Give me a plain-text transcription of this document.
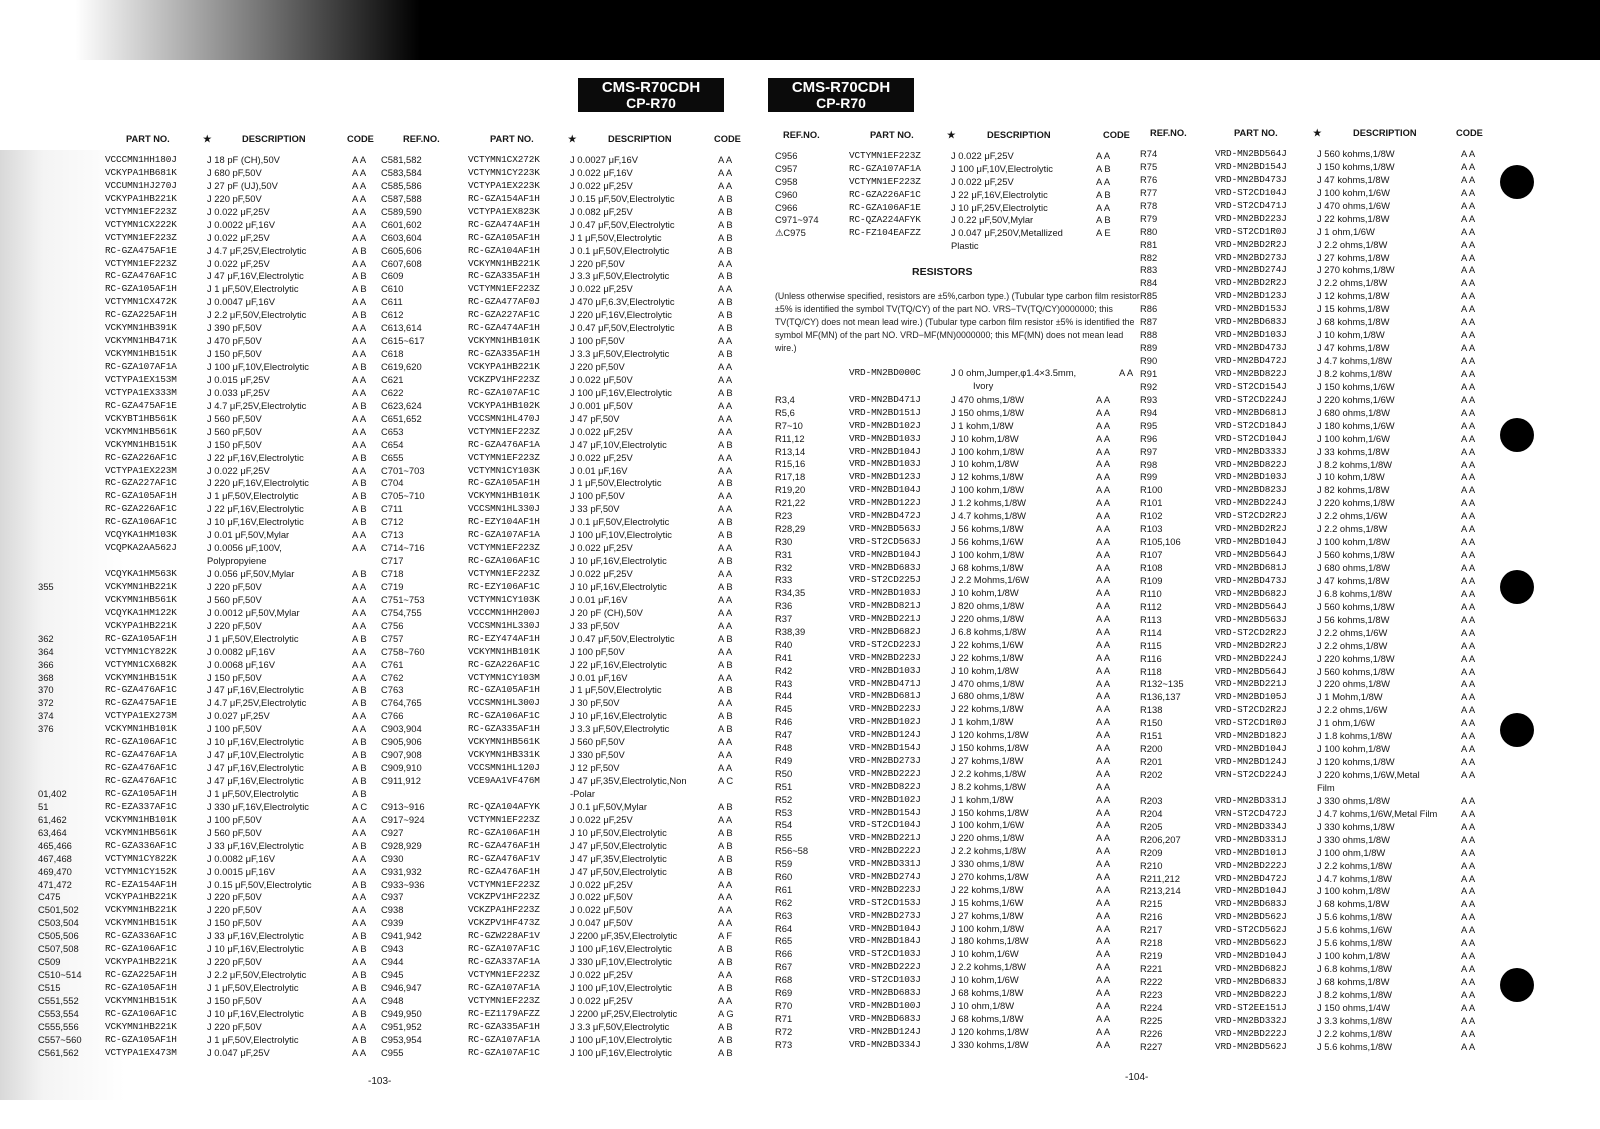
CMS-R70CDH
CP-R70
CMS-R70CDH
CP-R70
PART NO.	★	DESCRIPTION	CODE
VCCCMN1HH180J	J 18 pF (CH),50V	A A
VCKYPA1HB681K	J 680 pF,50V	A A
VCCUMN1HJ270J	J 27 pF (UJ),50V	A A
VCKYPA1HB221K	J 220 pF,50V	A A
VCTYMN1EF223Z	J 0.022 μF,25V	A A
VCTYMN1CX222K	J 0.0022 μF,16V	A A
VCTYMN1EF223Z	J 0.022 μF,25V	A A
RC-GZA475AF1E	J 4.7 μF,25V,Electrolytic	A B
VCTYMN1EF223Z	J 0.022 μF,25V	A A
RC-GZA476AF1C	J 47 μF,16V,Electrolytic	A B
RC-GZA105AF1H	J 1 μF,50V,Electrolytic	A B
VCTYMN1CX472K	J 0.0047 μF,16V	A A
RC-GZA225AF1H	J 2.2 μF,50V,Electrolytic	A B
VCKYMN1HB391K	J 390 pF,50V	A A
VCKYMN1HB471K	J 470 pF,50V	A A
VCKYMN1HB151K	J 150 pF,50V	A A
RC-GZA107AF1A	J 100 μF,10V,Electrolytic	A B
VCTYPA1EX153M	J 0.015 μF,25V	A A
VCTYPA1EX333M	J 0.033 μF,25V	A A
RC-GZA475AF1E	J 4.7 μF,25V,Electrolytic	A B
VCKYBT1HB561K	J 560 pF,50V	A A
VCKYMN1HB561K	J 560 pF,50V	A A
VCKYMN1HB151K	J 150 pF,50V	A A
RC-GZA226AF1C	J 22 μF,16V,Electrolytic	A B
VCTYPA1EX223M	J 0.022 μF,25V	A A
RC-GZA227AF1C	J 220 μF,16V,Electrolytic	A B
RC-GZA105AF1H	J 1 μF,50V,Electrolytic	A B
RC-GZA226AF1C	J 22 μF,16V,Electrolytic	A B
RC-GZA106AF1C	J 10 μF,16V,Electrolytic	A B
VCQYKA1HM103K	J 0.01 μF,50V,Mylar	A A
VCQPKA2AA562J	J 0.0056 μF,100V,	A A
Polypropyiene
VCQYKA1HM563K	J 0.056 μF,50V,Mylar	A B
355	VCKYMN1HB221K	J 220 pF,50V	A A
VCKYMN1HB561K	J 560 pF,50V	A A
VCQYKA1HM122K	J 0.0012 μF,50V,Mylar	A A
VCKYPA1HB221K	J 220 pF,50V	A A
362	RC-GZA105AF1H	J 1 μF,50V,Electrolytic	A B
364	VCTYMN1CY822K	J 0.0082 μF,16V	A A
366	VCTYMN1CX682K	J 0.0068 μF,16V	A A
368	VCKYMN1HB151K	J 150 pF,50V	A A
370	RC-GZA476AF1C	J 47 μF,16V,Electrolytic	A B
372	RC-GZA475AF1E	J 4.7 μF,25V,Electrolytic	A B
374	VCTYPA1EX273M	J 0.027 μF,25V	A A
376	VCKYMN1HB101K	J 100 pF,50V	A A
RC-GZA106AF1C	J 10 μF,16V,Electrolytic	A B
RC-GZA476AF1A	J 47 μF,10V,Electrolytic	A B
RC-GZA476AF1C	J 47 μF,16V,Electrolytic	A B
RC-GZA476AF1C	J 47 μF,16V,Electrolytic	A B
01,402	RC-GZA105AF1H	J 1 μF,50V,Electrolytic	A B
51	RC-EZA337AF1C	J 330 μF,16V,Electrolytic	A C
61,462	VCKYMN1HB101K	J 100 pF,50V	A A
63,464	VCKYMN1HB561K	J 560 pF,50V	A A
465,466	RC-GZA336AF1C	J 33 μF,16V,Electrolytic	A B
467,468	VCTYMN1CY822K	J 0.0082 μF,16V	A A
469,470	VCTYMN1CY152K	J 0.0015 μF,16V	A A
471,472	RC-EZA154AF1H	J 0.15 μF,50V,Electrolytic	A B
C475	VCKYPA1HB221K	J 220 pF,50V	A A
C501,502	VCKYMN1HB221K	J 220 pF,50V	A A
C503,504	VCKYMN1HB151K	J 150 pF,50V	A A
C505,506	RC-GZA336AF1C	J 33 μF,16V,Electrolytic	A B
C507,508	RC-GZA106AF1C	J 10 μF,16V,Electrolytic	A B
C509	VCKYPA1HB221K	J 220 pF,50V	A A
C510~514 RC-GZA225AF1H	J 2.2 μF,50V,Electrolytic	A B
C515	RC-GZA105AF1H	J 1 μF,50V,Electrolytic	A B
C551,552	VCKYMN1HB151K	J 150 pF,50V	A A
C553,554	RC-GZA106AF1C	J 10 μF,16V,Electrolytic	A B
C555,556	VCKYMN1HB221K	J 220 pF,50V	A A
C557~560 RC-GZA105AF1H	J 1 μF,50V,Electrolytic	A B
C561,562	VCTYPA1EX473M	J 0.047 μF,25V	A A
REF.NO.	PART NO.	★	DESCRIPTION	CODE
C581,582	VCTYMN1CX272K	J 0.0027 μF,16V	A A
C583,584	VCTYMN1CY223K	J 0.022 μF,16V	A A
C585,586	VCTYPA1EX223K	J 0.022 μF,25V	A A
C587,588	RC-GZA154AF1H	J 0.15 μF,50V,Electrolytic	A B
C589,590	VCTYPA1EX823K	J 0.082 μF,25V	A B
C601,602	RC-GZA474AF1H	J 0.47 μF,50V,Electrolytic	A B
C603,604	RC-GZA105AF1H	J 1 μF,50V,Electrolytic	A B
C605,606	RC-GZA104AF1H	J 0.1 μF,50V,Electrolytic	A B
C607,608	VCKYMN1HB221K	J 220 pF,50V	A A
C609	RC-GZA335AF1H	J 3.3 μF,50V,Electrolytic	A B
C610	VCTYMN1EF223Z	J 0.022 μF,25V	A A
C611	RC-GZA477AF0J	J 470 μF,6.3V,Electrolytic	A B
C612	RC-GZA227AF1C	J 220 μF,16V,Electrolytic	A B
C613,614	RC-GZA474AF1H	J 0.47 μF,50V,Electrolytic	A B
C615~617	VCKYMN1HB101K	J 100 pF,50V	A A
C618	RC-GZA335AF1H	J 3.3 μF,50V,Electrolytic	A B
C619,620	VCKYPA1HB221K	J 220 pF,50V	A A
C621	VCKZPV1HF223Z	J 0.022 μF,50V	A A
C622	RC-GZA107AF1C	J 100 μF,16V,Electrolytic	A B
C623,624	VCKYPA1HB102K	J 0.001 μF,50V	A A
C651,652	VCCSMN1HL470J	J 47 pF,50V	A A
C653	VCTYMN1EF223Z	J 0.022 μF,25V	A A
C654	RC-GZA476AF1A	J 47 μF,10V,Electrolytic	A B
C655	VCTYMN1EF223Z	J 0.022 μF,25V	A A
C701~703	VCTYMN1CY103K	J 0.01 μF,16V	A A
C704	RC-GZA105AF1H	J 1 μF,50V,Electrolytic	A B
C705~710	VCKYMN1HB101K	J 100 pF,50V	A A
C711	VCCSMN1HL330J	J 33 pF,50V	A A
C712	RC-EZY104AF1H	J 0.1 μF,50V,Electrolytic	A B
C713	RC-GZA107AF1A	J 100 μF,10V,Electrolytic	A B
C714~716	VCTYMN1EF223Z	J 0.022 μF,25V	A A
C717	RC-GZA106AF1C	J 10 μF,16V,Electrolytic	A B
C718	VCTYMN1EF223Z	J 0.022 μF,25V	A A
C719	RC-EZY106AF1C	J 10 μF,16V,Electrolytic	A B
C751~753	VCTYMN1CY103K	J 0.01 μF,16V	A A
C754,755	VCCCMN1HH200J	J 20 pF (CH),50V	A A
C756	VCCSMN1HL330J	J 33 pF,50V	A A
C757	RC-EZY474AF1H	J 0.47 μF,50V,Electrolytic	A B
C758~760	VCKYMN1HB101K	J 100 pF,50V	A A
C761	RC-GZA226AF1C	J 22 μF,16V,Electrolytic	A B
C762	VCTYMN1CY103M	J 0.01 μF,16V	A A
C763	RC-GZA105AF1H	J 1 μF,50V,Electrolytic	A B
C764,765	VCCSMN1HL300J	J 30 pF,50V	A A
C766	RC-GZA106AF1C	J 10 μF,16V,Electrolytic	A B
C903,904	RC-GZA335AF1H	J 3.3 μF,50V,Electrolytic	A B
C905,906	VCKYMN1HB561K	J 560 pF,50V	A A
C907,908	VCKYMN1HB331K	J 330 pF,50V	A A
C909,910	VCCSMN1HL120J	J 12 pF,50V	A A
C911,912	VCE9AA1VF476M	J 47 μF,35V,Electrolytic,Non	A C
-Polar
C913~916	RC-QZA104AFYK	J 0.1 μF,50V,Mylar	A B
C917~924	VCTYMN1EF223Z	J 0.022 μF,25V	A A
C927	RC-GZA106AF1H	J 10 μF,50V,Electrolytic	A B
C928,929	RC-GZA476AF1H	J 47 μF,50V,Electrolytic	A B
C930	RC-GZA476AF1V	J 47 μF,35V,Electrolytic	A B
C931,932	RC-GZA476AF1H	J 47 μF,50V,Electrolytic	A B
C933~936	VCTYMN1EF223Z	J 0.022 μF,25V	A A
C937	VCKZPV1HF223Z	J 0.022 μF,50V	A A
C938	VCKZPA1HF223Z	J 0.022 μF,50V	A A
C939	VCKZPV1HF473Z	J 0.047 μF,50V	A A
C941,942	RC-GZW228AF1V	J 2200 μF,35V,Electrolytic	A F
C943	RC-GZA107AF1C	J 100 μF,16V,Electrolytic	A B
C944	RC-GZA337AF1A	J 330 μF,10V,Electrolytic	A B
C945	VCTYMN1EF223Z	J 0.022 μF,25V	A A
C946,947	RC-GZA107AF1A	J 100 μF,10V,Electrolytic	A B
C948	VCTYMN1EF223Z	J 0.022 μF,25V	A A
C949,950	RC-EZ1179AFZZ	J 2200 μF,25V,Electrolytic	A G
C951,952	RC-GZA335AF1H	J 3.3 μF,50V,Electrolytic	A B
C953,954	RC-GZA107AF1A	J 100 μF,10V,Electrolytic	A B
C955	RC-GZA107AF1C	J 100 μF,16V,Electrolytic	A B
REF.NO.	PART NO.	★	DESCRIPTION	CODE
C956	VCTYMN1EF223Z	J 0.022 μF,25V	A A
C957	RC-GZA107AF1A	J 100 μF,10V,Electrolytic	A B
C958	VCTYMN1EF223Z	J 0.022 μF,25V	A A
C960	RC-GZA226AF1C	J 22 μF,16V,Electrolytic	A B
C966	RC-GZA106AF1E	J 10 μF,25V,Electrolytic	A A
C971~974	RC-QZA224AFYK	J 0.22 μF,50V,Mylar	A B
⚠C975	RC-FZ104EAFZZ	J 0.047 μF,250V,Metallized	A E
Plastic
RESISTORS
(Unless otherwise specified, resistors are ±5%,carbon type.) (Tubular type carbon film resistor ±5% is identified the symbol TV(TQ/CY) of the part NO. VRS−TV(TQ/CY)0000000; this TV(TQ/CY) does not mean lead wire.) (Tubular type carbon film resistor ±5% is identified the symbol MF(MN) of the part NO. VRD−MF(MN)0000000; this MF(MN) does not mean lead wire.)
VRD-MN2BD000C	J 0 ohm,Jumper,φ1.4×3.5mm,	A A
Ivory
R3,4	VRD-MN2BD471J	J 470 ohms,1/8W	A A
R5,6	VRD-MN2BD151J	J 150 ohms,1/8W	A A
R7~10	VRD-MN2BD102J	J 1 kohm,1/8W	A A
R11,12	VRD-MN2BD103J	J 10 kohm,1/8W	A A
R13,14	VRD-MN2BD104J	J 100 kohm,1/8W	A A
R15,16	VRD-MN2BD103J	J 10 kohm,1/8W	A A
R17,18	VRD-MN2BD123J	J 12 kohms,1/8W	A A
R19,20	VRD-MN2BD104J	J 100 kohm,1/8W	A A
R21,22	VRD-MN2BD122J	J 1.2 kohms,1/8W	A A
R23	VRD-MN2BD472J	J 4.7 kohms,1/8W	A A
R28,29	VRD-MN2BD563J	J 56 kohms,1/8W	A A
R30	VRD-ST2CD563J	J 56 kohms,1/6W	A A
R31	VRD-MN2BD104J	J 100 kohm,1/8W	A A
R32	VRD-MN2BD683J	J 68 kohms,1/8W	A A
R33	VRD-ST2CD225J	J 2.2 Mohms,1/6W	A A
R34,35	VRD-MN2BD103J	J 10 kohm,1/8W	A A
R36	VRD-MN2BD821J	J 820 ohms,1/8W	A A
R37	VRD-MN2BD221J	J 220 ohms,1/8W	A A
R38,39	VRD-MN2BD682J	J 6.8 kohms,1/8W	A A
R40	VRD-ST2CD223J	J 22 kohms,1/6W	A A
R41	VRD-MN2BD223J	J 22 kohms,1/8W	A A
R42	VRD-MN2BD103J	J 10 kohm,1/8W	A A
R43	VRD-MN2BD471J	J 470 ohms,1/8W	A A
R44	VRD-MN2BD681J	J 680 ohms,1/8W	A A
R45	VRD-MN2BD223J	J 22 kohms,1/8W	A A
R46	VRD-MN2BD102J	J 1 kohm,1/8W	A A
R47	VRD-MN2BD124J	J 120 kohms,1/8W	A A
R48	VRD-MN2BD154J	J 150 kohms,1/8W	A A
R49	VRD-MN2BD273J	J 27 kohms,1/8W	A A
R50	VRD-MN2BD222J	J 2.2 kohms,1/8W	A A
R51	VRD-MN2BD822J	J 8.2 kohms,1/8W	A A
R52	VRD-MN2BD102J	J 1 kohm,1/8W	A A
R53	VRD-MN2BD154J	J 150 kohms,1/8W	A A
R54	VRD-ST2CD104J	J 100 kohm,1/6W	A A
R55	VRD-MN2BD221J	J 220 ohms,1/8W	A A
R56~58	VRD-MN2BD222J	J 2.2 kohms,1/8W	A A
R59	VRD-MN2BD331J	J 330 ohms,1/8W	A A
R60	VRD-MN2BD274J	J 270 kohms,1/8W	A A
R61	VRD-MN2BD223J	J 22 kohms,1/8W	A A
R62	VRD-ST2CD153J	J 15 kohms,1/6W	A A
R63	VRD-MN2BD273J	J 27 kohms,1/8W	A A
R64	VRD-MN2BD104J	J 100 kohm,1/8W	A A
R65	VRD-MN2BD184J	J 180 kohms,1/8W	A A
R66	VRD-ST2CD103J	J 10 kohm,1/6W	A A
R67	VRD-MN2BD222J	J 2.2 kohms,1/8W	A A
R68	VRD-ST2CD103J	J 10 kohm,1/6W	A A
R69	VRD-MN2BD683J	J 68 kohms,1/8W	A A
R70	VRD-MN2BD100J	J 10 ohm,1/8W	A A
R71	VRD-MN2BD683J	J 68 kohms,1/8W	A A
R72	VRD-MN2BD124J	J 120 kohms,1/8W	A A
R73	VRD-MN2BD334J	J 330 kohms,1/8W	A A
REF.NO.	PART NO.	★	DESCRIPTION	CODE
R74	VRD-MN2BD564J	J 560 kohms,1/8W	A A
R75	VRD-MN2BD154J	J 150 kohms,1/8W	A A
R76	VRD-MN2BD473J	J 47 kohms,1/8W	A A
R77	VRD-ST2CD104J	J 100 kohm,1/6W	A A
R78	VRD-ST2CD471J	J 470 ohms,1/6W	A A
R79	VRD-MN2BD223J	J 22 kohms,1/8W	A A
R80	VRD-ST2CD1R0J	J 1 ohm,1/6W	A A
R81	VRD-MN2BD2R2J	J 2.2 ohms,1/8W	A A
R82	VRD-MN2BD273J	J 27 kohms,1/8W	A A
R83	VRD-MN2BD274J	J 270 kohms,1/8W	A A
R84	VRD-MN2BD2R2J	J 2.2 ohms,1/8W	A A
R85	VRD-MN2BD123J	J 12 kohms,1/8W	A A
R86	VRD-MN2BD153J	J 15 kohms,1/8W	A A
R87	VRD-MN2BD683J	J 68 kohms,1/8W	A A
R88	VRD-MN2BD103J	J 10 kohm,1/8W	A A
R89	VRD-MN2BD473J	J 47 kohms,1/8W	A A
R90	VRD-MN2BD472J	J 4.7 kohms,1/8W	A A
R91	VRD-MN2BD822J	J 8.2 kohms,1/8W	A A
R92	VRD-ST2CD154J	J 150 kohms,1/6W	A A
R93	VRD-ST2CD224J	J 220 kohms,1/6W	A A
R94	VRD-MN2BD681J	J 680 ohms,1/8W	A A
R95	VRD-ST2CD184J	J 180 kohms,1/6W	A A
R96	VRD-ST2CD104J	J 100 kohm,1/6W	A A
R97	VRD-MN2BD333J	J 33 kohms,1/8W	A A
R98	VRD-MN2BD822J	J 8.2 kohms,1/8W	A A
R99	VRD-MN2BD103J	J 10 kohm,1/8W	A A
R100	VRD-MN2BD823J	J 82 kohms,1/8W	A A
R101	VRD-MN2BD224J	J 220 kohms,1/8W	A A
R102	VRD-ST2CD2R2J	J 2.2 ohms,1/6W	A A
R103	VRD-MN2BD2R2J	J 2.2 ohms,1/8W	A A
R105,106	VRD-MN2BD104J	J 100 kohm,1/8W	A A
R107	VRD-MN2BD564J	J 560 kohms,1/8W	A A
R108	VRD-MN2BD681J	J 680 ohms,1/8W	A A
R109	VRD-MN2BD473J	J 47 kohms,1/8W	A A
R110	VRD-MN2BD682J	J 6.8 kohms,1/8W	A A
R112	VRD-MN2BD564J	J 560 kohms,1/8W	A A
R113	VRD-MN2BD563J	J 56 kohms,1/8W	A A
R114	VRD-ST2CD2R2J	J 2.2 ohms,1/6W	A A
R115	VRD-MN2BD2R2J	J 2.2 ohms,1/8W	A A
R116	VRD-MN2BD224J	J 220 kohms,1/8W	A A
R118	VRD-MN2BD564J	J 560 kohms,1/8W	A A
R132~135	VRD-MN2BD221J	J 220 ohms,1/8W	A A
R136,137	VRD-MN2BD105J	J 1 Mohm,1/8W	A A
R138	VRD-ST2CD2R2J	J 2.2 ohms,1/6W	A A
R150	VRD-ST2CD1R0J	J 1 ohm,1/6W	A A
R151	VRD-MN2BD182J	J 1.8 kohms,1/8W	A A
R200	VRD-MN2BD104J	J 100 kohm,1/8W	A A
R201	VRD-MN2BD124J	J 120 kohms,1/8W	A A
R202	VRN-ST2CD224J	J 220 kohms,1/6W,Metal	A A
Film
R203	VRD-MN2BD331J	J 330 ohms,1/8W	A A
R204	VRN-ST2CD472J	J 4.7 kohms,1/6W,Metal Film	A A
R205	VRD-MN2BD334J	J 330 kohms,1/8W	A A
R206,207	VRD-MN2BD331J	J 330 ohms,1/8W	A A
R209	VRD-MN2BD101J	J 100 ohm,1/8W	A A
R210	VRD-MN2BD222J	J 2.2 kohms,1/8W	A A
R211,212	VRD-MN2BD472J	J 4.7 kohms,1/8W	A A
R213,214	VRD-MN2BD104J	J 100 kohm,1/8W	A A
R215	VRD-MN2BD683J	J 68 kohms,1/8W	A A
R216	VRD-MN2BD562J	J 5.6 kohms,1/8W	A A
R217	VRD-ST2CD562J	J 5.6 kohms,1/6W	A A
R218	VRD-MN2BD562J	J 5.6 kohms,1/8W	A A
R219	VRD-MN2BD104J	J 100 kohm,1/8W	A A
R221	VRD-MN2BD682J	J 6.8 kohms,1/8W	A A
R222	VRD-MN2BD683J	J 68 kohms,1/8W	A A
R223	VRD-MN2BD822J	J 8.2 kohms,1/8W	A A
R224	VRD-ST2EE151J	J 150 ohms,1/4W	A A
R225	VRD-MN2BD332J	J 3.3 kohms,1/8W	A A
R226	VRD-MN2BD222J	J 2.2 kohms,1/8W	A A
R227	VRD-MN2BD562J	J 5.6 kohms,1/8W	A A
-103-	-104-
